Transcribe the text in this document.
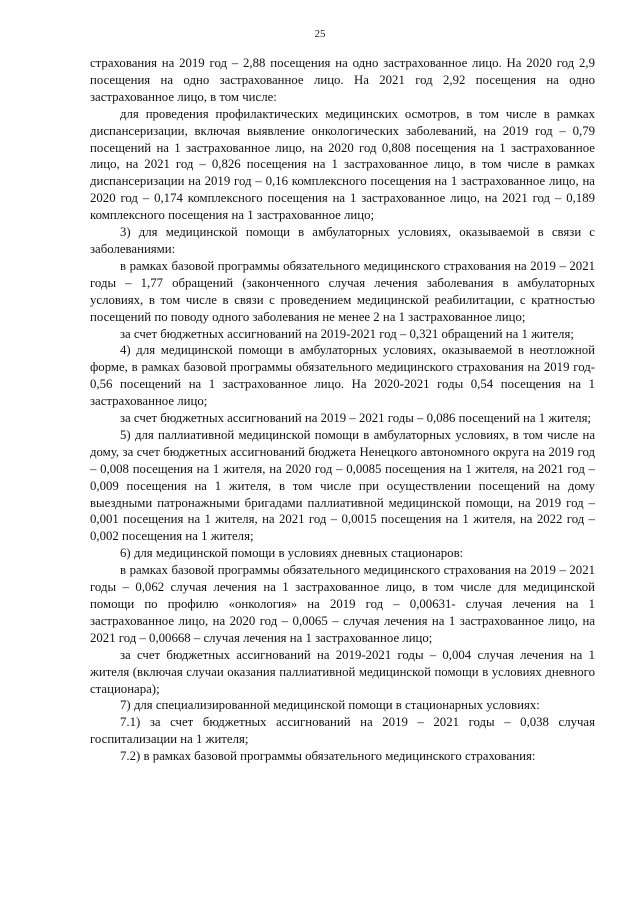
25

страхования на 2019 год – 2,88 посещения на одно застрахованное лицо. На 2020 год 2,9 посещения на одно застрахованное лицо. На 2021 год 2,92 посещения на одно застрахованное лицо, в том числе:

для проведения профилактических медицинских осмотров, в том числе в рамках диспансеризации, включая выявление онкологических заболеваний, на 2019 год – 0,79 посещений на 1 застрахованное лицо, на 2020 год 0,808 посещения на 1 застрахованное лицо, на 2021 год – 0,826 посещения на 1 застрахованное лицо, в том числе в рамках диспансеризации на 2019 год – 0,16 комплексного посещения на 1 застрахованное лицо, на 2020 год – 0,174 комплексного посещения на 1 застрахованное лицо, на 2021 год – 0,189 комплексного посещения на 1 застрахованное лицо;

3) для медицинской помощи в амбулаторных условиях, оказываемой в связи с заболеваниями:

в рамках базовой программы обязательного медицинского страхования на 2019 – 2021 годы – 1,77 обращений (законченного случая лечения заболевания в амбулаторных условиях, в том числе в связи с проведением медицинской реабилитации, с кратностью посещений по поводу одного заболевания не менее 2 на 1 застрахованное лицо;

за счет бюджетных ассигнований на 2019-2021 год – 0,321 обращений на 1 жителя;

4) для медицинской помощи в амбулаторных условиях, оказываемой в неотложной форме, в рамках базовой программы обязательного медицинского страхования на 2019 год- 0,56 посещений на 1 застрахованное лицо. На 2020-2021 годы 0,54 посещения на 1 застрахованное лицо;

за счет бюджетных ассигнований на 2019 – 2021 годы – 0,086 посещений на 1 жителя;

5) для паллиативной медицинской помощи в амбулаторных условиях, в том числе на дому, за счет бюджетных ассигнований бюджета Ненецкого автономного округа на 2019 год – 0,008 посещения на 1 жителя, на 2020 год – 0,0085 посещения на 1 жителя, на 2021 год – 0,009 посещения на 1 жителя, в том числе при осуществлении посещений на дому выездными патронажными бригадами паллиативной медицинской помощи, на 2019 год – 0,001 посещения на 1 жителя, на 2021 год – 0,0015 посещения на 1 жителя, на 2022 год – 0,002 посещения на 1 жителя;

6) для медицинской помощи в условиях дневных стационаров:

в рамках базовой программы обязательного медицинского страхования на 2019 – 2021 годы – 0,062 случая лечения на 1 застрахованное лицо, в том числе для медицинской помощи по профилю «онкология» на 2019 год – 0,00631- случая лечения на 1 застрахованное лицо, на 2020 год – 0,0065 – случая лечения на 1 застрахованное лицо, на 2021 год – 0,00668 – случая лечения на 1 застрахованное лицо;

за счет бюджетных ассигнований на 2019-2021 годы – 0,004 случая лечения на 1 жителя (включая случаи оказания паллиативной медицинской помощи в условиях дневного стационара);

7) для специализированной медицинской помощи в стационарных условиях:

7.1) за счет бюджетных ассигнований на 2019 – 2021 годы – 0,038 случая госпитализации на 1 жителя;

7.2) в рамках базовой программы обязательного медицинского страхования:
